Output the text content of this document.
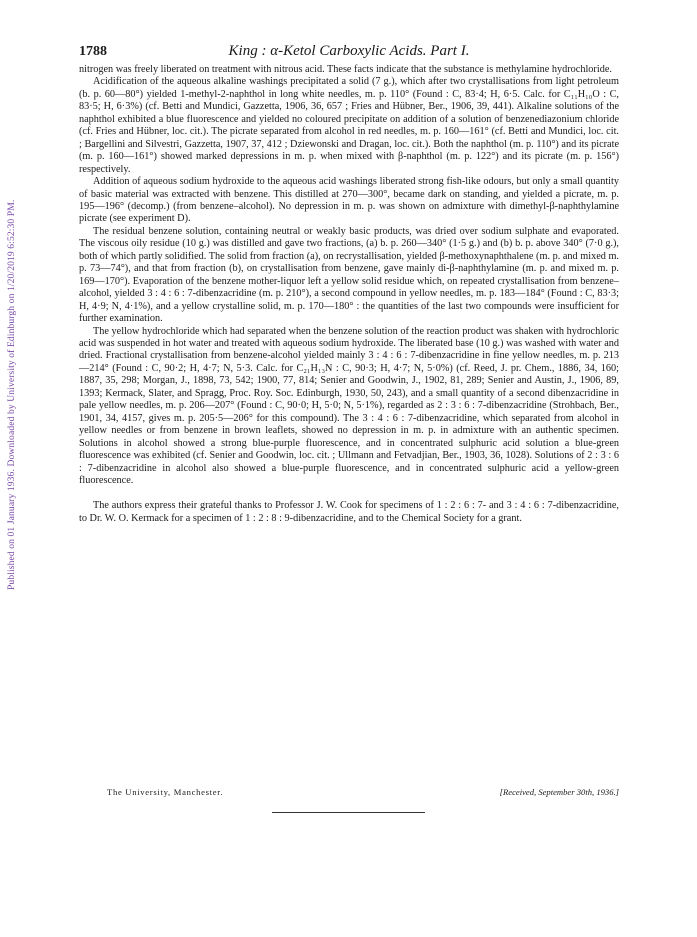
Published on 01 January 1936. Downloaded by University of Edinburgh on 1/20/2019 6:52:30 PM.
1788	King : α-Ketol Carboxylic Acids. Part I.

nitrogen was freely liberated on treatment with nitrous acid. These facts indicate that the substance is methylamine hydrochloride.

Acidification of the aqueous alkaline washings precipitated a solid (7 g.), which after two crystallisations from light petroleum (b. p. 60—80°) yielded 1-methyl-2-naphthol in long white needles, m. p. 110° (Found : C, 83·4; H, 6·5. Calc. for C₁₁H₁₀O : C, 83·5; H, 6·3%) (cf. Betti and Mundici, Gazzetta, 1906, 36, 657 ; Fries and Hübner, Ber., 1906, 39, 441). Alkaline solutions of the naphthol exhibited a blue fluorescence and yielded no coloured precipitate on addition of a solution of benzenediazonium chloride (cf. Fries and Hübner, loc. cit.). The picrate separated from alcohol in red needles, m. p. 160—161° (cf. Betti and Mundici, loc. cit. ; Bargellini and Silvestri, Gazzetta, 1907, 37, 412 ; Dziewonski and Dragan, loc. cit.). Both the naphthol (m. p. 110°) and its picrate (m. p. 160—161°) showed marked depressions in m. p. when mixed with β-naphthol (m. p. 122°) and its picrate (m. p. 156°) respectively.

Addition of aqueous sodium hydroxide to the aqueous acid washings liberated strong fish-like odours, but only a small quantity of basic material was extracted with benzene. This distilled at 270—300°, became dark on standing, and yielded a picrate, m. p. 195—196° (decomp.) (from benzene–alcohol). No depression in m. p. was shown on admixture with dimethyl-β-naphthylamine picrate (see experiment D).

The residual benzene solution, containing neutral or weakly basic products, was dried over sodium sulphate and evaporated. The viscous oily residue (10 g.) was distilled and gave two fractions, (a) b. p. 260—340° (1·5 g.) and (b) b. p. above 340° (7·0 g.), both of which partly solidified. The solid from fraction (a), on recrystallisation, yielded β-methoxynaphthalene (m. p. and mixed m. p. 73—74°), and that from fraction (b), on crystallisation from benzene, gave mainly di-β-naphthylamine (m. p. and mixed m. p. 169—170°). Evaporation of the benzene mother-liquor left a yellow solid residue which, on repeated crystallisation from benzene–alcohol, yielded 3 : 4 : 6 : 7-dibenzacridine (m. p. 210°), a second compound in yellow needles, m. p. 183—184° (Found : C, 83·3; H, 4·9; N, 4·1%), and a yellow crystalline solid, m. p. 170—180° : the quantities of the last two compounds were insufficient for further examination.

The yellow hydrochloride which had separated when the benzene solution of the reaction product was shaken with hydrochloric acid was suspended in hot water and treated with aqueous sodium hydroxide. The liberated base (10 g.) was washed with water and dried. Fractional crystallisation from benzene-alcohol yielded mainly 3 : 4 : 6 : 7-dibenzacridine in fine yellow needles, m. p. 213—214° (Found : C, 90·2; H, 4·7; N, 5·3. Calc. for C₂₁H₁₃N : C, 90·3; H, 4·7; N, 5·0%) (cf. Reed, J. pr. Chem., 1886, 34, 160; 1887, 35, 298; Morgan, J., 1898, 73, 542; 1900, 77, 814; Senier and Goodwin, J., 1902, 81, 289; Senier and Austin, J., 1906, 89, 1393; Kermack, Slater, and Spragg, Proc. Roy. Soc. Edinburgh, 1930, 50, 243), and a small quantity of a second dibenzacridine in pale yellow needles, m. p. 206—207° (Found : C, 90·0; H, 5·0; N, 5·1%), regarded as 2 : 3 : 6 : 7-dibenzacridine (Strohbach, Ber., 1901, 34, 4157, gives m. p. 205·5—206° for this compound). The 3 : 4 : 6 : 7-dibenzacridine, which separated from alcohol in yellow needles or from benzene in brown leaflets, showed no depression in m. p. in admixture with an authentic specimen. Solutions in alcohol showed a strong blue-purple fluorescence, and in concentrated sulphuric acid solution a blue-green fluorescence was exhibited (cf. Senier and Goodwin, loc. cit. ; Ullmann and Fetvadjian, Ber., 1903, 36, 1028). Solutions of 2 : 3 : 6 : 7-dibenzacridine in alcohol also showed a blue-purple fluorescence, and in concentrated sulphuric acid a yellow-green fluorescence.

The authors express their grateful thanks to Professor J. W. Cook for specimens of 1 : 2 : 6 : 7- and 3 : 4 : 6 : 7-dibenzacridine, to Dr. W. O. Kermack for a specimen of 1 : 2 : 8 : 9-dibenzacridine, and to the Chemical Society for a grant.

The University, Manchester.	[Received, September 30th, 1936.]
